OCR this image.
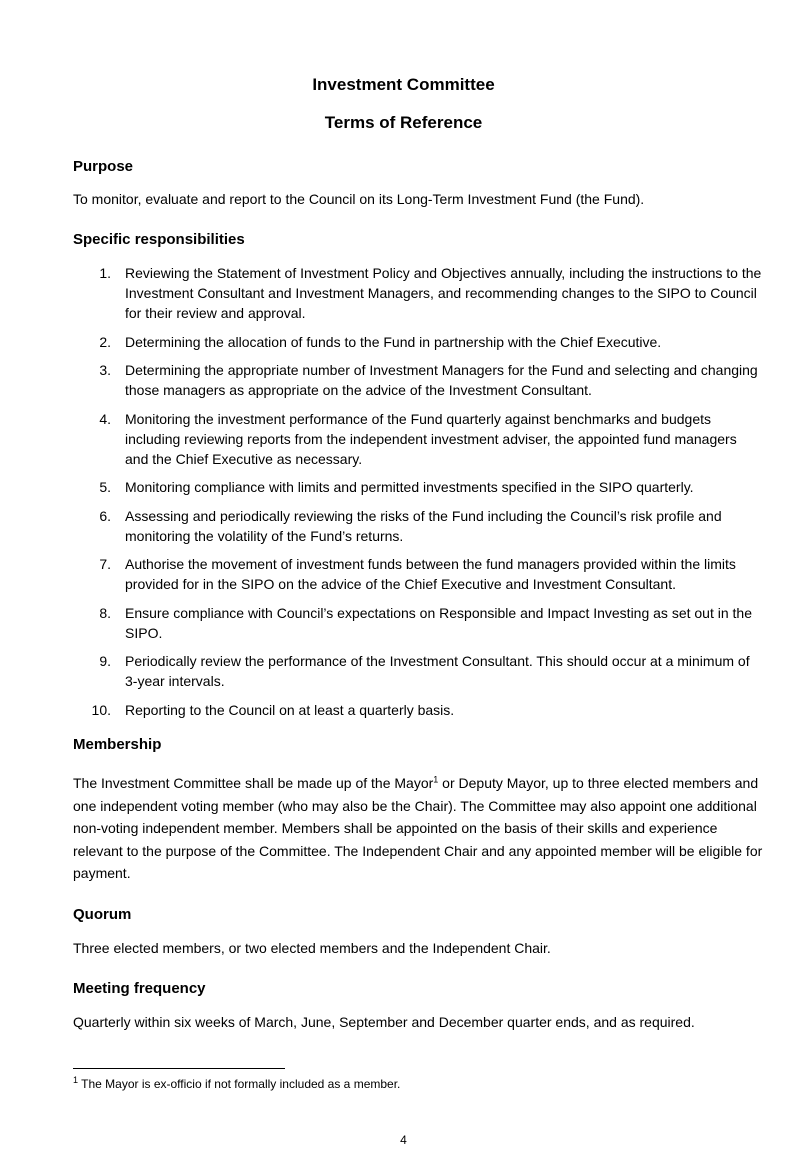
Investment Committee
Terms of Reference
Purpose
To monitor, evaluate and report to the Council on its Long-Term Investment Fund (the Fund).
Specific responsibilities
1. Reviewing the Statement of Investment Policy and Objectives annually, including the instructions to the Investment Consultant and Investment Managers, and recommending changes to the SIPO to Council for their review and approval.
2. Determining the allocation of funds to the Fund in partnership with the Chief Executive.
3. Determining the appropriate number of Investment Managers for the Fund and selecting and changing those managers as appropriate on the advice of the Investment Consultant.
4. Monitoring the investment performance of the Fund quarterly against benchmarks and budgets including reviewing reports from the independent investment adviser, the appointed fund managers and the Chief Executive as necessary.
5. Monitoring compliance with limits and permitted investments specified in the SIPO quarterly.
6. Assessing and periodically reviewing the risks of the Fund including the Council’s risk profile and monitoring the volatility of the Fund’s returns.
7. Authorise the movement of investment funds between the fund managers provided within the limits provided for in the SIPO on the advice of the Chief Executive and Investment Consultant.
8. Ensure compliance with Council’s expectations on Responsible and Impact Investing as set out in the SIPO.
9. Periodically review the performance of the Investment Consultant. This should occur at a minimum of 3-year intervals.
10. Reporting to the Council on at least a quarterly basis.
Membership
The Investment Committee shall be made up of the Mayor$^1$ or Deputy Mayor, up to three elected members and one independent voting member (who may also be the Chair). The Committee may also appoint one additional non-voting independent member. Members shall be appointed on the basis of their skills and experience relevant to the purpose of the Committee. The Independent Chair and any appointed member will be eligible for payment.
Quorum
Three elected members, or two elected members and the Independent Chair.
Meeting frequency
Quarterly within six weeks of March, June, September and December quarter ends, and as required.
$^1$ The Mayor is ex-officio if not formally included as a member.
4
